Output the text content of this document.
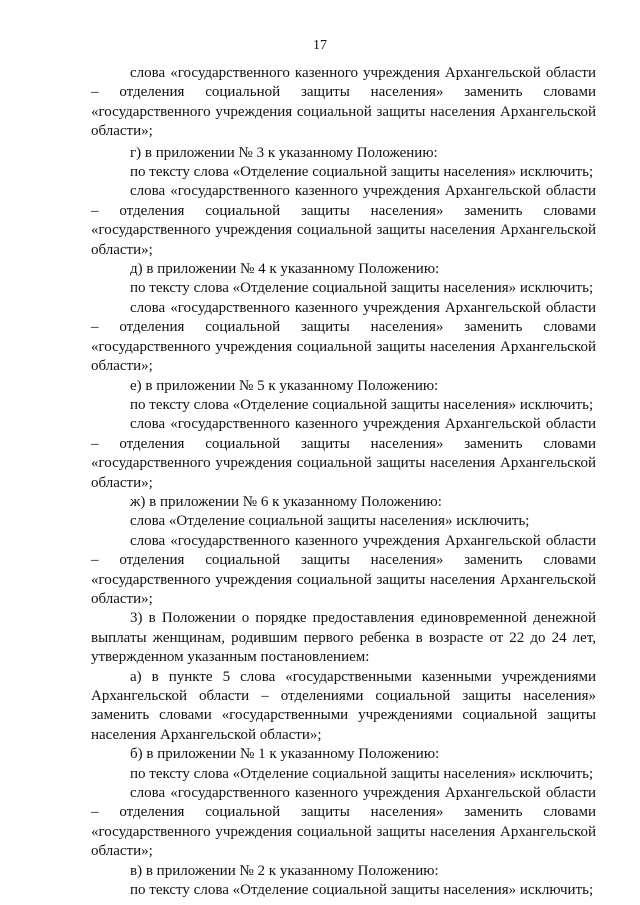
17

слова «государственного казенного учреждения Архангельской области – отделения социальной защиты населения» заменить словами «государственного учреждения социальной защиты населения Архангельской области»;

г) в приложении № 3 к указанному Положению:

по тексту слова «Отделение социальной защиты населения» исключить;

слова «государственного казенного учреждения Архангельской области – отделения социальной защиты населения» заменить словами «государственного учреждения социальной защиты населения Архангельской области»;

д) в приложении № 4 к указанному Положению:

по тексту слова «Отделение социальной защиты населения» исключить;

слова «государственного казенного учреждения Архангельской области – отделения социальной защиты населения» заменить словами «государственного учреждения социальной защиты населения Архангельской области»;

е) в приложении № 5 к указанному Положению:

по тексту слова «Отделение социальной защиты населения» исключить;

слова «государственного казенного учреждения Архангельской области – отделения социальной защиты населения» заменить словами «государственного учреждения социальной защиты населения Архангельской области»;

ж) в приложении № 6 к указанному Положению:

слова «Отделение социальной защиты населения» исключить;

слова «государственного казенного учреждения Архангельской области – отделения социальной защиты населения» заменить словами «государственного учреждения социальной защиты населения Архангельской области»;

3) в Положении о порядке предоставления единовременной денежной выплаты женщинам, родившим первого ребенка в возрасте от 22 до 24 лет, утвержденном указанным постановлением:

а) в пункте 5 слова «государственными казенными учреждениями Архангельской области – отделениями социальной защиты населения» заменить словами «государственными учреждениями социальной защиты населения Архангельской области»;

б) в приложении № 1 к указанному Положению:

по тексту слова «Отделение социальной защиты населения» исключить;

слова «государственного казенного учреждения Архангельской области – отделения социальной защиты населения» заменить словами «государственного учреждения социальной защиты населения Архангельской области»;

в) в приложении № 2 к указанному Положению:

по тексту слова «Отделение социальной защиты населения» исключить;
